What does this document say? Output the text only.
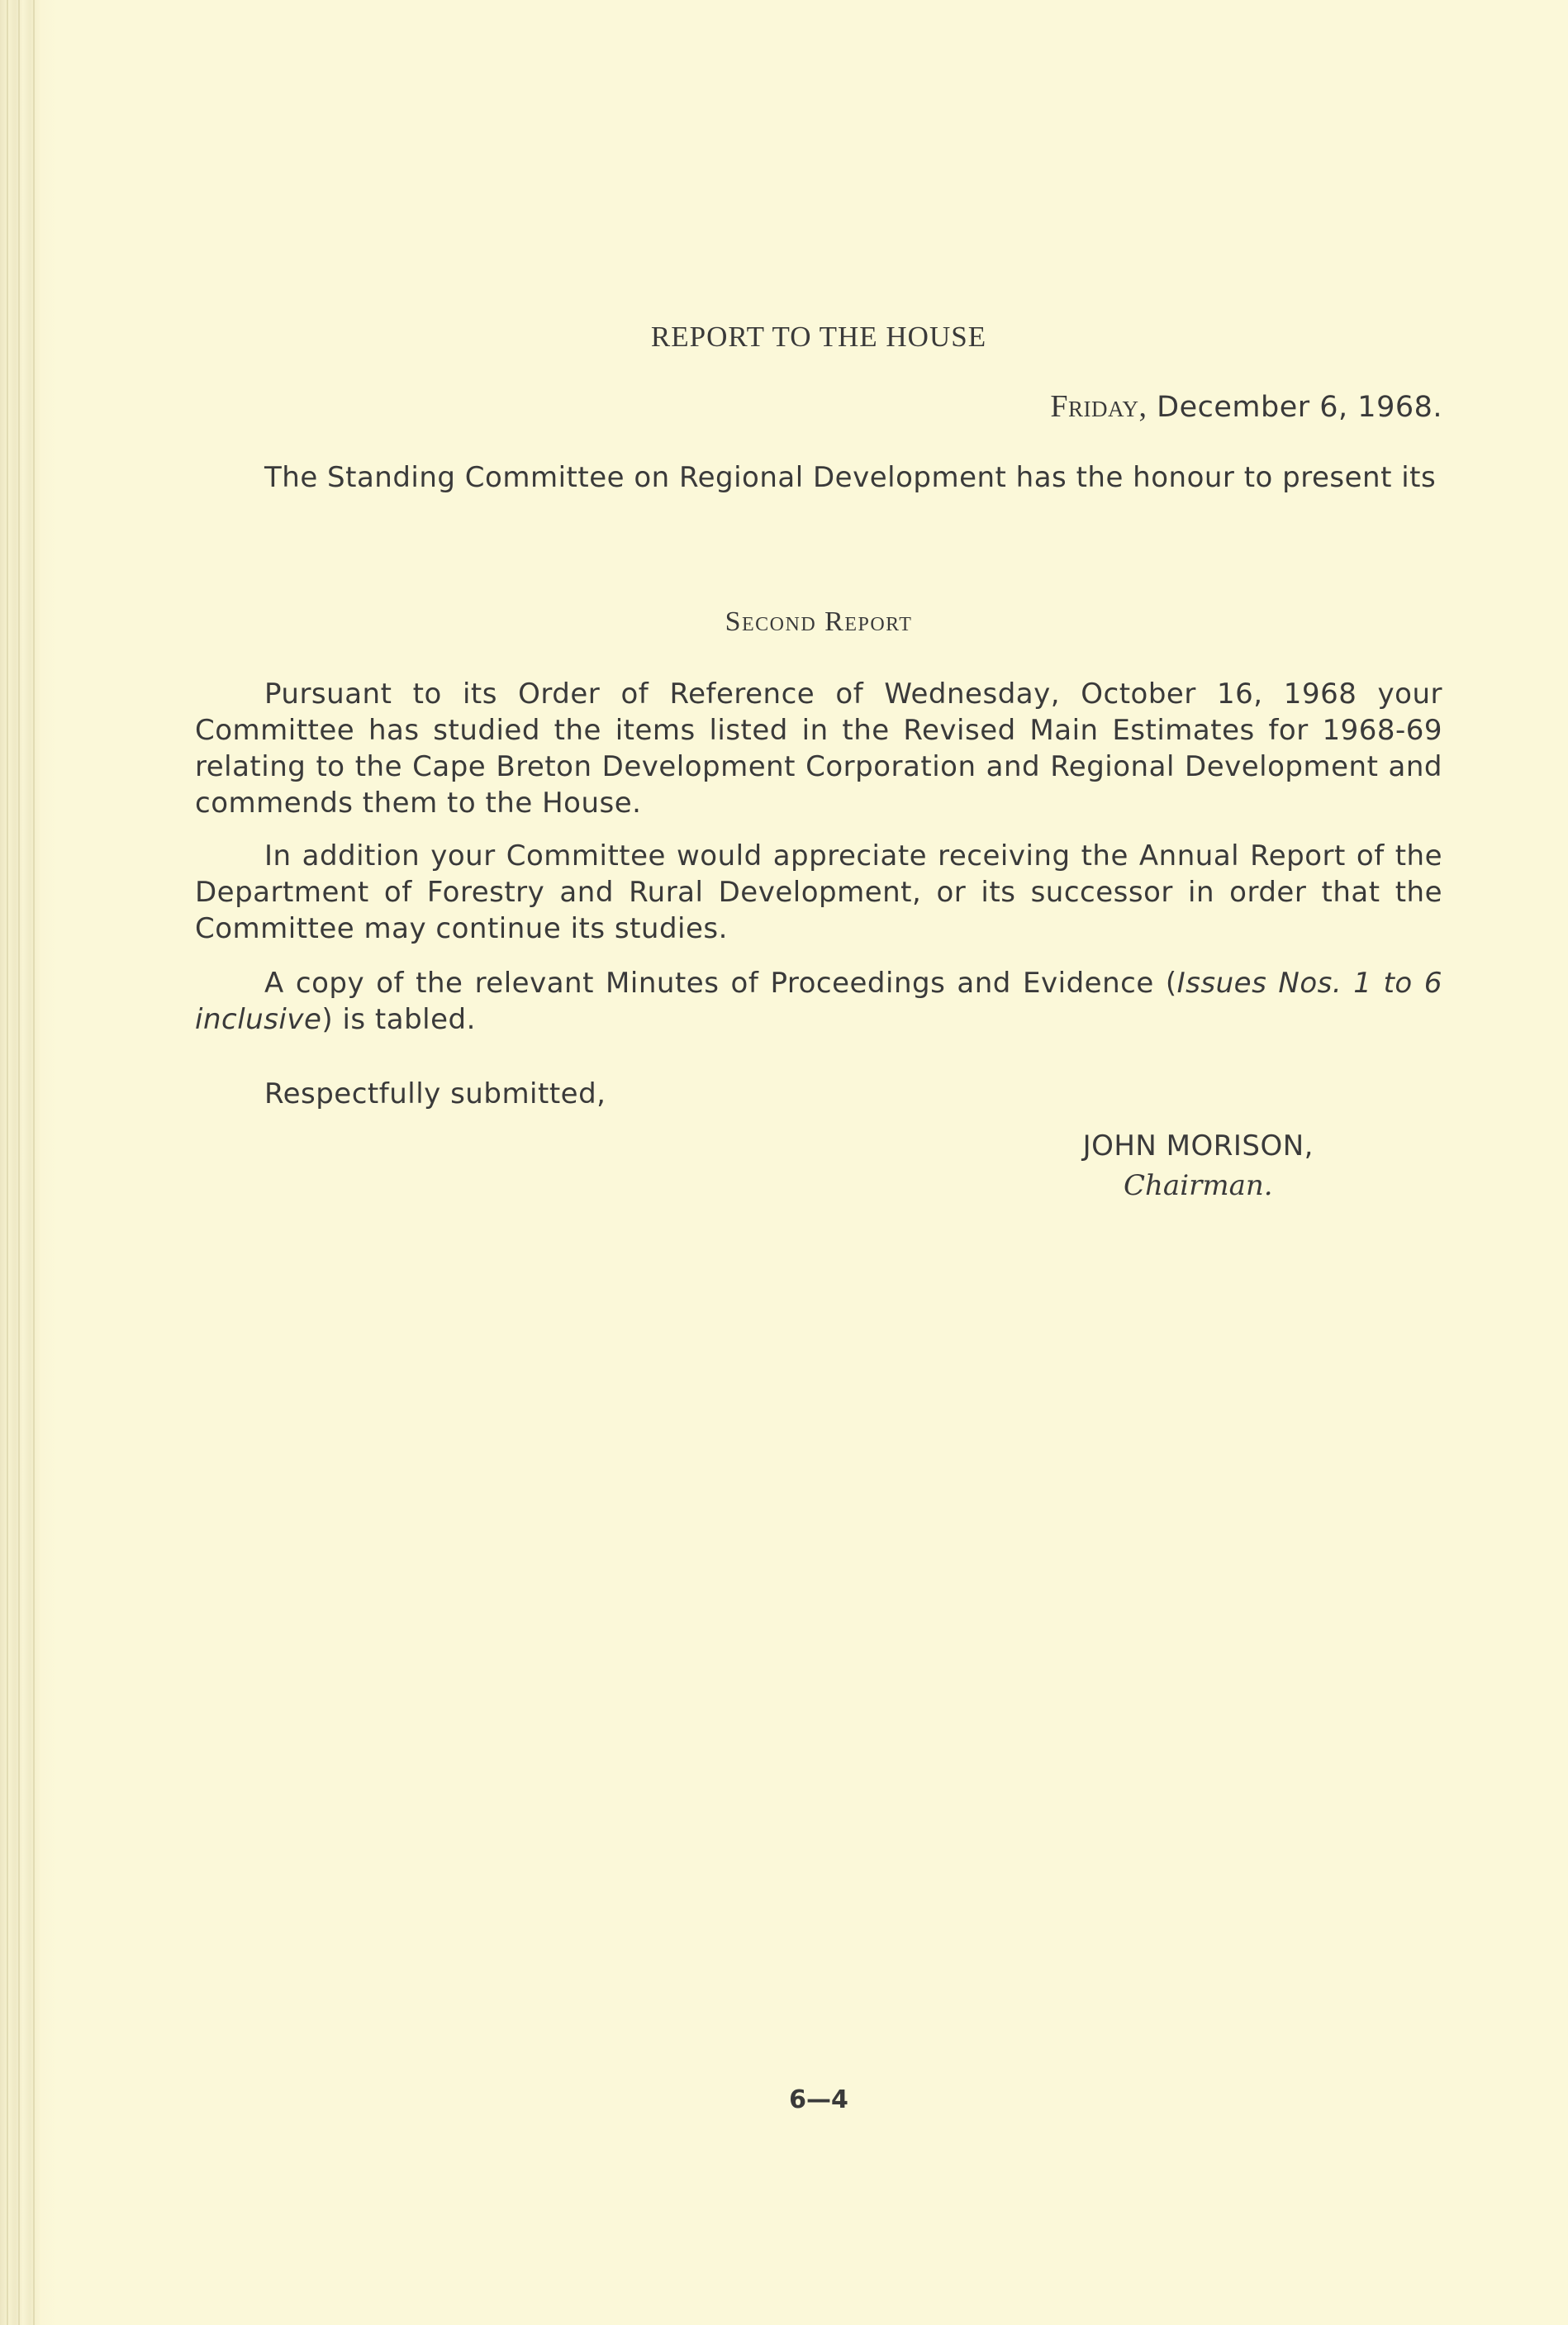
REPORT TO THE HOUSE
Friday, December 6, 1968.
The Standing Committee on Regional Development has the honour to present its
Second Report
Pursuant to its Order of Reference of Wednesday, October 16, 1968 your Committee has studied the items listed in the Revised Main Estimates for 1968-69 relating to the Cape Breton Development Corporation and Regional Development and commends them to the House.
In addition your Committee would appreciate receiving the Annual Report of the Department of Forestry and Rural Development, or its successor in order that the Committee may continue its studies.
A copy of the relevant Minutes of Proceedings and Evidence (Issues Nos. 1 to 6 inclusive) is tabled.
Respectfully submitted,
JOHN MORISON,
Chairman.
6—4
